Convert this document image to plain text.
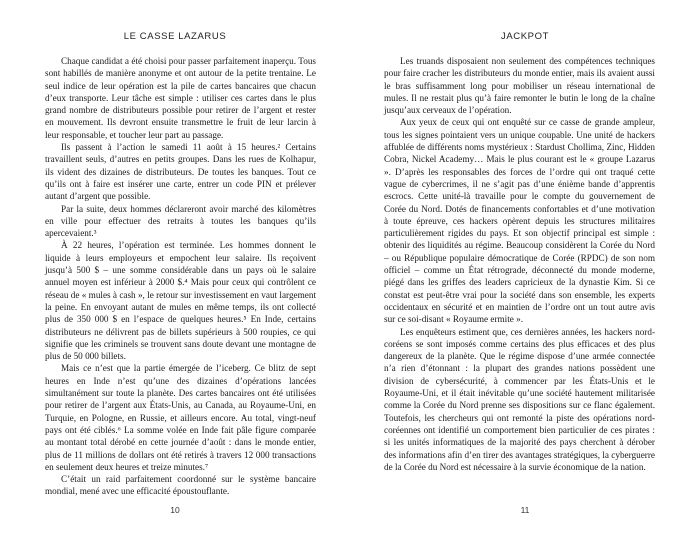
LE CASSE LAZARUS

Chaque candidat a été choisi pour passer parfaitement inaperçu. Tous sont habillés de manière anonyme et ont autour de la petite trentaine. Le seul indice de leur opération est la pile de cartes bancaires que chacun d’eux transporte. Leur tâche est simple : utiliser ces cartes dans le plus grand nombre de distributeurs possible pour retirer de l’argent et rester en mouvement. Ils devront ensuite transmettre le fruit de leur larcin à leur responsable, et toucher leur part au passage.

Ils passent à l’action le samedi 11 août à 15 heures.² Certains travaillent seuls, d’autres en petits groupes. Dans les rues de Kolhapur, ils vident des dizaines de distributeurs. De toutes les banques. Tout ce qu’ils ont à faire est insérer une carte, entrer un code PIN et prélever autant d’argent que possible.

Par la suite, deux hommes déclareront avoir marché des kilomètres en ville pour effectuer des retraits à toutes les banques qu’ils apercevaient.³

À 22 heures, l’opération est terminée. Les hommes donnent le liquide à leurs employeurs et empochent leur salaire. Ils reçoivent jusqu’à 500 $ – une somme considérable dans un pays où le salaire annuel moyen est inférieur à 2000 $.⁴ Mais pour ceux qui contrôlent ce réseau de « mules à cash », le retour sur investissement en vaut largement la peine. En envoyant autant de mules en même temps, ils ont collecté plus de 350 000 $ en l’espace de quelques heures.⁵ En Inde, certains distributeurs ne délivrent pas de billets supérieurs à 500 roupies, ce qui signifie que les criminels se trouvent sans doute devant une montagne de plus de 50 000 billets.

Mais ce n’est que la partie émergée de l’iceberg. Ce blitz de sept heures en Inde n’est qu’une des dizaines d’opérations lancées simultanément sur toute la planète. Des cartes bancaires ont été utilisées pour retirer de l’argent aux États-Unis, au Canada, au Royaume-Uni, en Turquie, en Pologne, en Russie, et ailleurs encore. Au total, vingt-neuf pays ont été ciblés.⁶ La somme volée en Inde fait pâle figure comparée au montant total dérobé en cette journée d’août : dans le monde entier, plus de 11 millions de dollars ont été retirés à travers 12 000 transactions en seulement deux heures et treize minutes.⁷

C’était un raid parfaitement coordonné sur le système bancaire mondial, mené avec une efficacité époustouflante.

10
JACKPOT

Les truands disposaient non seulement des compétences techniques pour faire cracher les distributeurs du monde entier, mais ils avaient aussi le bras suffisamment long pour mobiliser un réseau international de mules. Il ne restait plus qu’à faire remonter le butin le long de la chaîne jusqu’aux cerveaux de l’opération.

Aux yeux de ceux qui ont enquêté sur ce casse de grande ampleur, tous les signes pointaient vers un unique coupable. Une unité de hackers affublée de différents noms mystérieux : Stardust Chollima, Zinc, Hidden Cobra, Nickel Academy… Mais le plus courant est le « groupe Lazarus ». D’après les responsables des forces de l’ordre qui ont traqué cette vague de cybercrimes, il ne s’agit pas d’une énième bande d’apprentis escrocs. Cette unité-là travaille pour le compte du gouvernement de Corée du Nord. Dotés de financements confortables et d’une motivation à toute épreuve, ces hackers opèrent depuis les structures militaires particulièrement rigides du pays. Et son objectif principal est simple : obtenir des liquidités au régime. Beaucoup considèrent la Corée du Nord – ou République populaire démocratique de Corée (RPDC) de son nom officiel – comme un État rétrograde, déconnecté du monde moderne, piégé dans les griffes des leaders capricieux de la dynastie Kim. Si ce constat est peut-être vrai pour la société dans son ensemble, les experts occidentaux en sécurité et en maintien de l’ordre ont un tout autre avis sur ce soi-disant « Royaume ermite ».

Les enquêteurs estiment que, ces dernières années, les hackers nord-coréens se sont imposés comme certains des plus efficaces et des plus dangereux de la planète. Que le régime dispose d’une armée connectée n’a rien d’étonnant : la plupart des grandes nations possèdent une division de cybersécurité, à commencer par les États-Unis et le Royaume-Uni, et il était inévitable qu’une société hautement militarisée comme la Corée du Nord prenne ses dispositions sur ce flanc également. Toutefois, les chercheurs qui ont remonté la piste des opérations nord-coréennes ont identifié un comportement bien particulier de ces pirates : si les unités informatiques de la majorité des pays cherchent à dérober des informations afin d’en tirer des avantages stratégiques, la cyberguerre de la Corée du Nord est nécessaire à la survie économique de la nation.

11
